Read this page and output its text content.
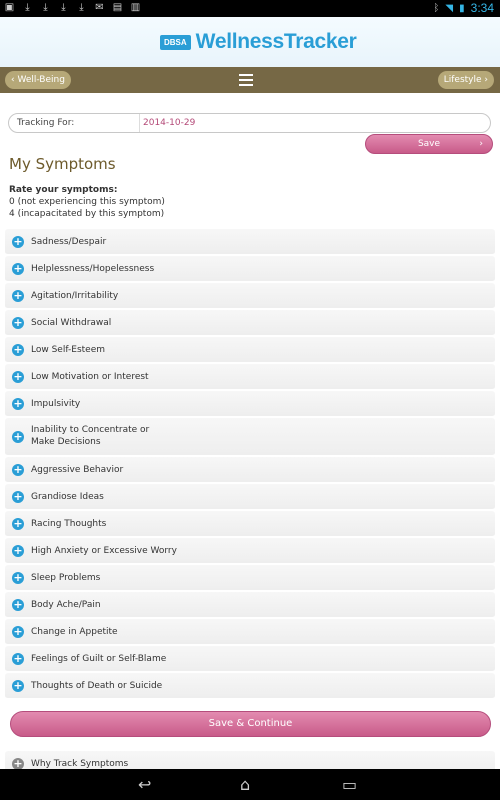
▣	⤓	⤓	⤓	⤓	✉ ▤ ▥	ᛒ ◥ ▮ 3:34
DBSA WellnessTracker
‹ Well-Being	Lifestyle ›
Tracking For:	2014-10-29
Save	›
My Symptoms
Rate your symptoms:
0 (not experiencing this symptom)
4 (incapacitated by this symptom)
+ Sadness/Despair
+ Helplessness/Hopelessness
+ Agitation/Irritability
+ Social Withdrawal
+ Low Self-Esteem
+ Low Motivation or Interest
+ Impulsivity
+ Inability to Concentrate or
Make Decisions
+ Aggressive Behavior
+ Grandiose Ideas
+ Racing Thoughts
+ High Anxiety or Excessive Worry
+ Sleep Problems
+ Body Ache/Pain
+ Change in Appetite
+ Feelings of Guilt or Self-Blame
+ Thoughts of Death or Suicide
Save & Continue
+ Why Track Symptoms
↩	⌂	▭
